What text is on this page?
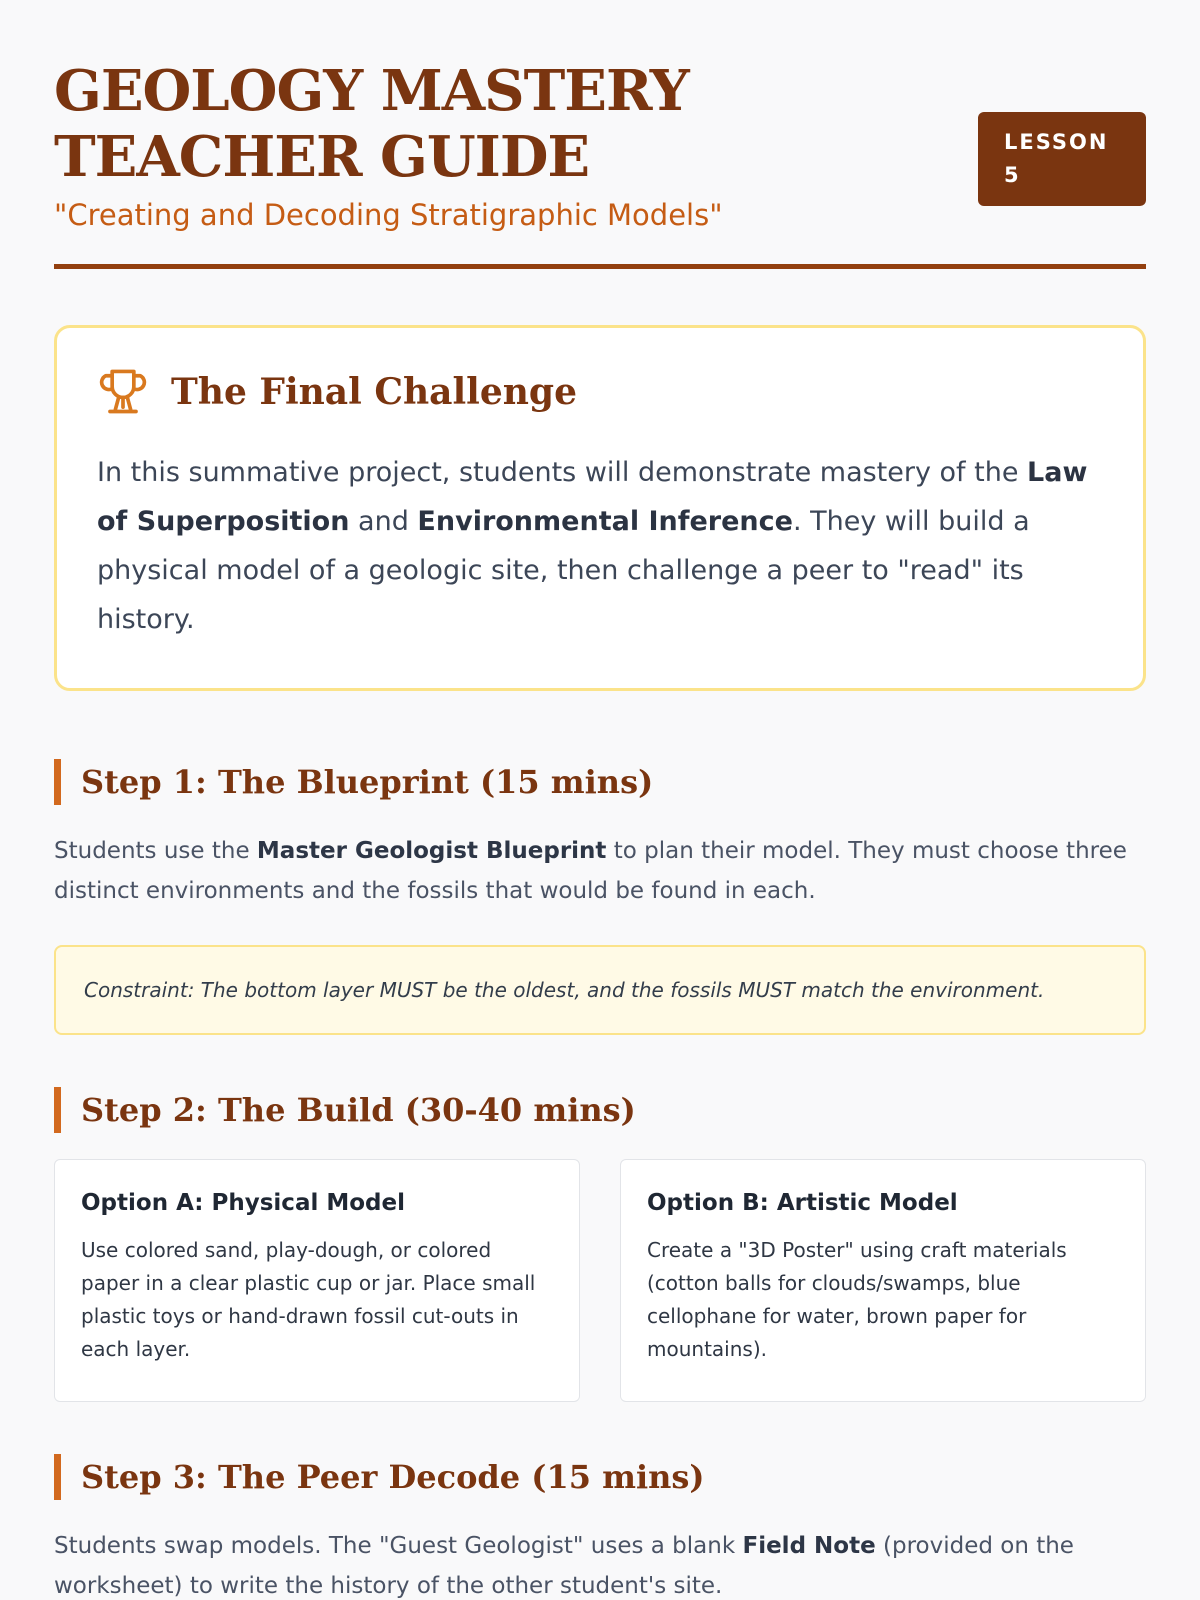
GEOLOGY MASTERY TEACHER GUIDE
"Creating and Decoding Stratigraphic Models"
LESSON
5
The Final Challenge

In this summative project, students will demonstrate mastery of the Law of Superposition and Environmental Inference. They will build a physical model of a geologic site, then challenge a peer to "read" its history.

Step 1: The Blueprint (15 mins)

Students use the Master Geologist Blueprint to plan their model. They must choose three distinct environments and the fossils that would be found in each.

Constraint: The bottom layer MUST be the oldest, and the fossils MUST match the environment.
Step 2: The Build (30-40 mins)
Option A: Physical Model

Use colored sand, play-dough, or colored paper in a clear plastic cup or jar. Place small plastic toys or hand-drawn fossil cut-outs in each layer.

Option B: Artistic Model

Create a "3D Poster" using craft materials (cotton balls for clouds/swamps, blue cellophane for water, brown paper for mountains).

Step 3: The Peer Decode (15 mins)

Students swap models. The "Guest Geologist" uses a blank Field Note (provided on the worksheet) to write the history of the other student's site.
